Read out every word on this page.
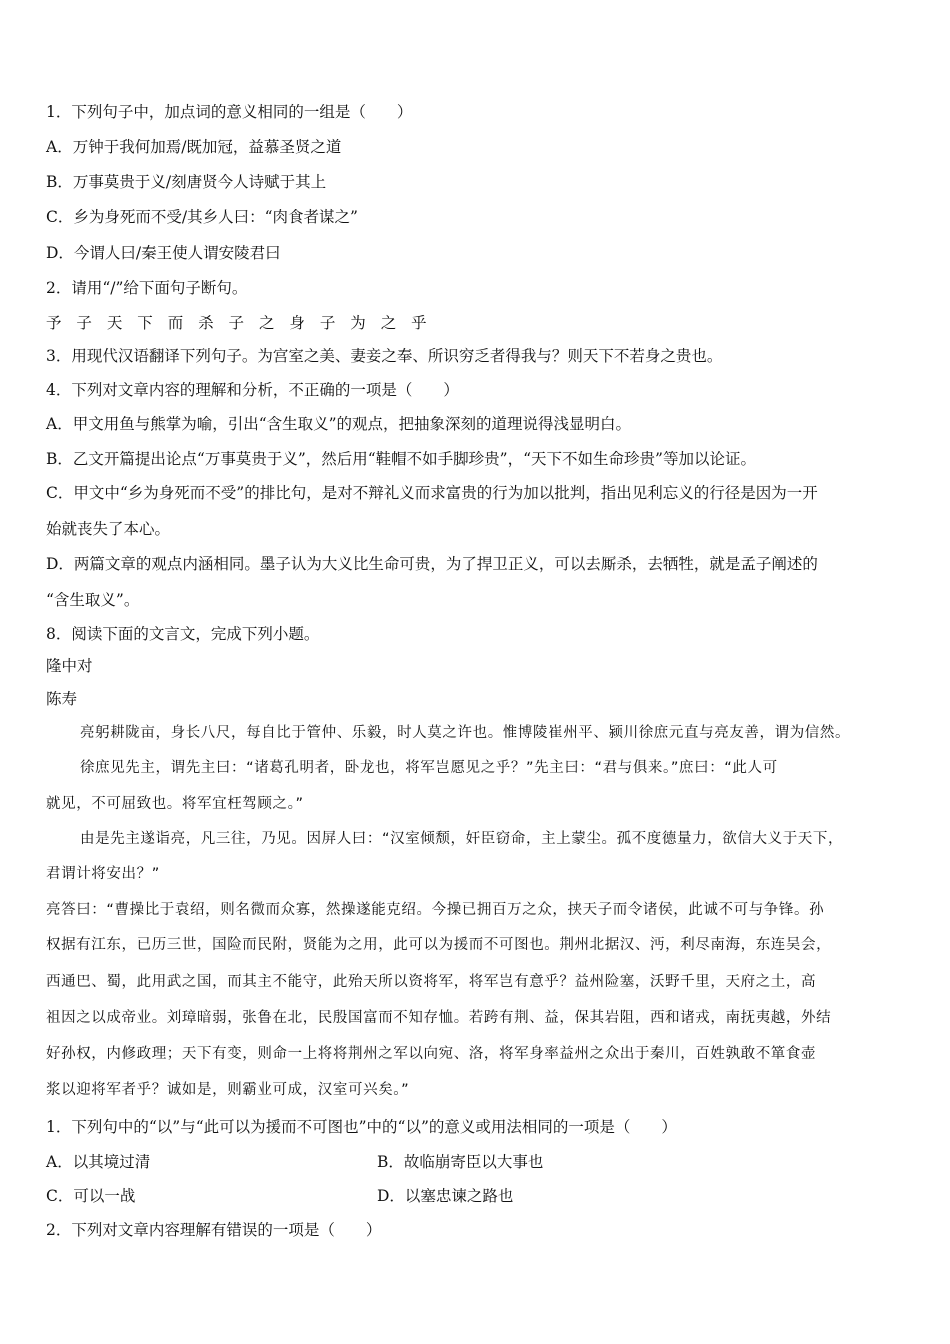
1．下列句子中，加点词的意义相同的一组是（　　）
A．万钟于我何加焉/既加冠，益慕圣贤之道
B．万事莫贵于义/刻唐贤今人诗赋于其上
C．乡为身死而不受/其乡人曰：“肉食者谋之”
D．今谓人曰/秦王使人谓安陵君曰
2．请用“/”给下面句子断句。
予 子 天 下 而 杀 子 之 身 子 为 之 乎
3．用现代汉语翻译下列句子。为宫室之美、妻妾之奉、所识穷乏者得我与？则天下不若身之贵也。
4．下列对文章内容的理解和分析，不正确的一项是（　　）
A．甲文用鱼与熊掌为喻，引出“含生取义”的观点，把抽象深刻的道理说得浅显明白。
B．乙文开篇提出论点“万事莫贵于义”，然后用“鞋帽不如手脚珍贵”，“天下不如生命珍贵”等加以论证。
C．甲文中“乡为身死而不受”的排比句，是对不辩礼义而求富贵的行为加以批判，指出见利忘义的行径是因为一开
始就丧失了本心。
D．两篇文章的观点内涵相同。墨子认为大义比生命可贵，为了捍卫正义，可以去厮杀，去牺牲，就是孟子阐述的
“含生取义”。
8．阅读下面的文言文，完成下列小题。
隆中对
陈寿
亮躬耕陇亩，身长八尺，每自比于管仲、乐毅，时人莫之许也。惟博陵崔州平、颍川徐庶元直与亮友善，谓为信然。
徐庶见先主，谓先主曰：“诸葛孔明者，卧龙也，将军岂愿见之乎？”先主曰：“君与俱来。”庶曰：“此人可
就见，不可屈致也。将军宜枉驾顾之。”
由是先主遂诣亮，凡三往，乃见。因屏人曰：“汉室倾颓，奸臣窃命，主上蒙尘。孤不度德量力，欲信大义于天下，
君谓计将安出？”
亮答曰：“曹操比于袁绍，则名微而众寡，然操遂能克绍。今操已拥百万之众，挟天子而令诸侯，此诚不可与争锋。孙
权据有江东，已历三世，国险而民附，贤能为之用，此可以为援而不可图也。荆州北据汉、沔，利尽南海，东连吴会，
西通巴、蜀，此用武之国，而其主不能守，此殆天所以资将军，将军岂有意乎？益州险塞，沃野千里，天府之土，高
祖因之以成帝业。刘璋暗弱，张鲁在北，民殷国富而不知存恤。若跨有荆、益，保其岩阻，西和诸戎，南抚夷越，外结
好孙权，内修政理；天下有变，则命一上将将荆州之军以向宛、洛，将军身率益州之众出于秦川，百姓孰敢不箪食壶
浆以迎将军者乎？诚如是，则霸业可成，汉室可兴矣。”
1．下列句中的“以”与“此可以为援而不可图也”中的“以”的意义或用法相同的一项是（　　）
A．以其境过清	B．故临崩寄臣以大事也
C．可以一战	D．以塞忠谏之路也
2．下列对文章内容理解有错误的一项是（　　）
